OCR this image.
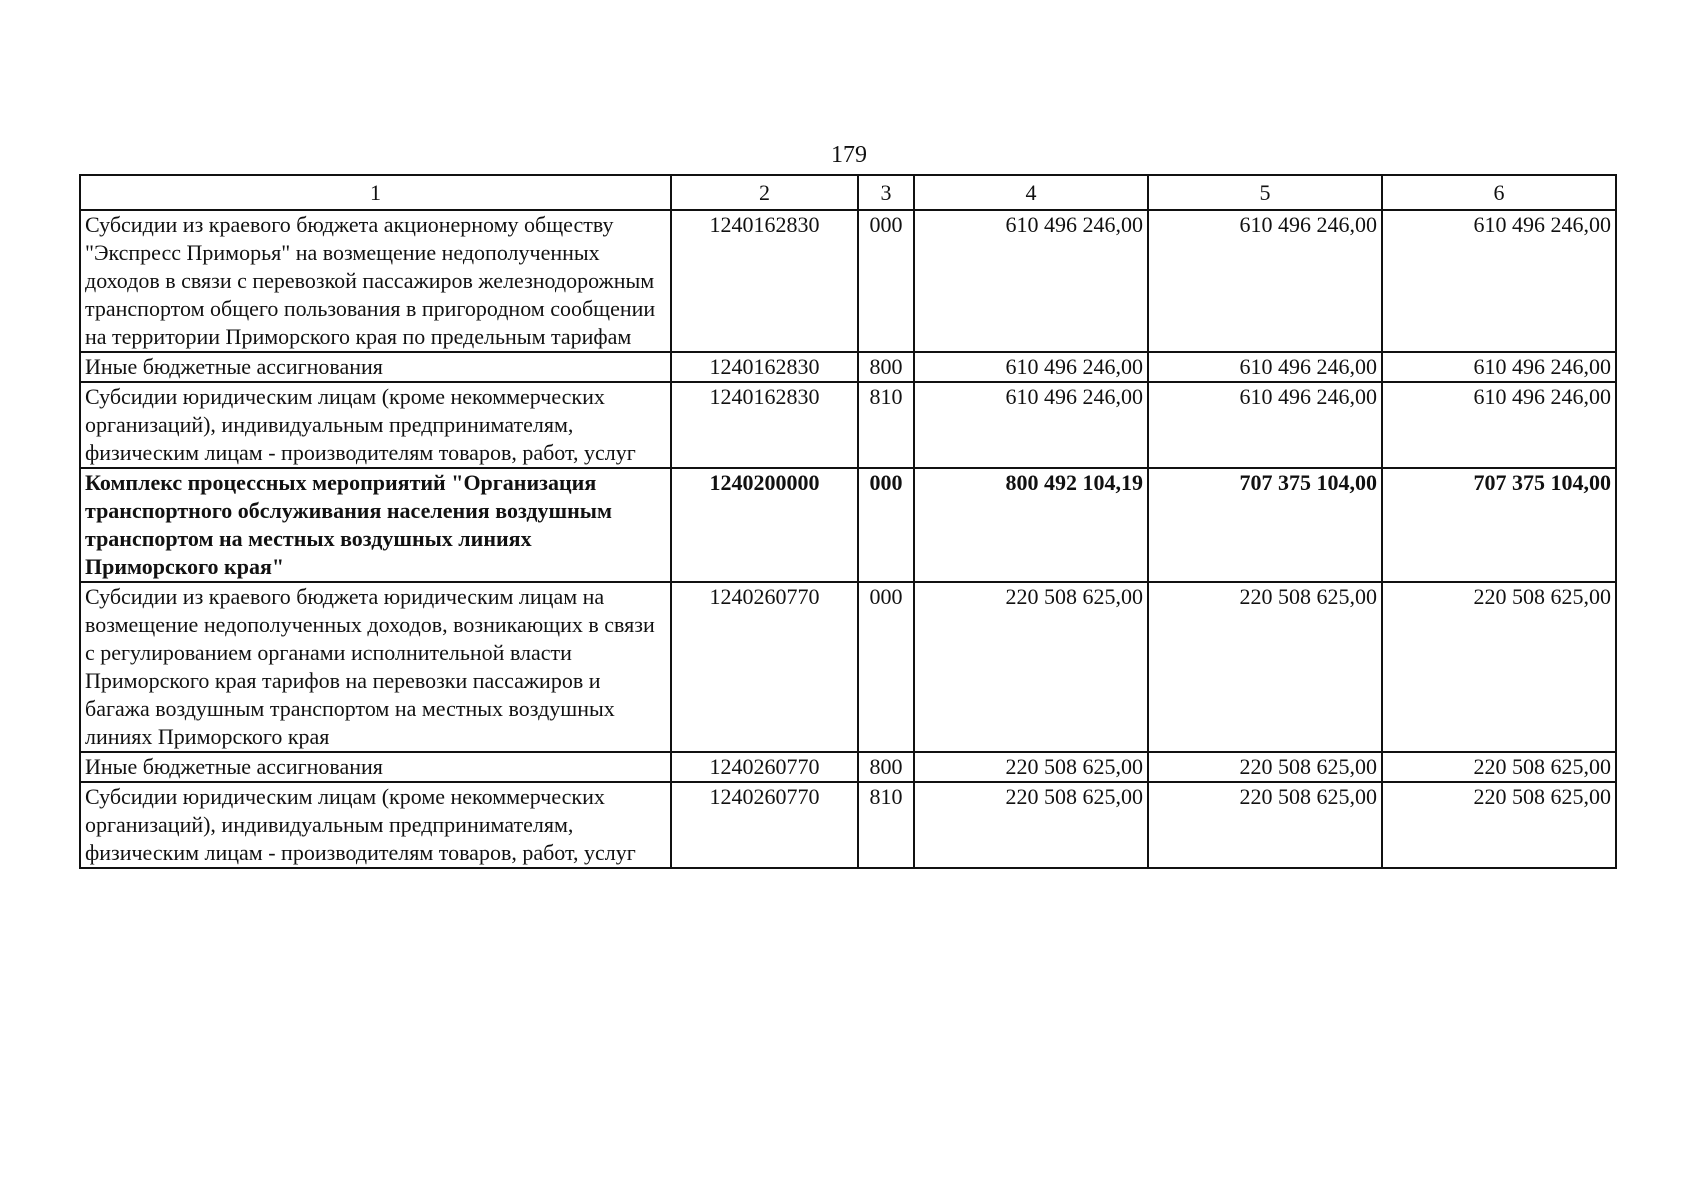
179
1	2	3	4	5	6
Субсидии из краевого бюджета акционерному обществу "Экспресс Приморья" на возмещение недополученных доходов в связи с перевозкой пассажиров железнодорожным транспортом общего пользования в пригородном сообщении на территории Приморского края по предельным тарифам	1240162830	000	610 496 246,00	610 496 246,00	610 496 246,00
Иные бюджетные ассигнования	1240162830	800	610 496 246,00	610 496 246,00	610 496 246,00
Субсидии юридическим лицам (кроме некоммерческих организаций), индивидуальным предпринимателям, физическим лицам - производителям товаров, работ, услуг	1240162830	810	610 496 246,00	610 496 246,00	610 496 246,00
Комплекс процессных мероприятий "Организация транспортного обслуживания населения воздушным транспортом на местных воздушных линиях Приморского края"	1240200000	000	800 492 104,19	707 375 104,00	707 375 104,00
Субсидии из краевого бюджета юридическим лицам на возмещение недополученных доходов, возникающих в связи с регулированием органами исполнительной власти Приморского края тарифов на перевозки пассажиров и багажа воздушным транспортом на местных воздушных линиях Приморского края	1240260770	000	220 508 625,00	220 508 625,00	220 508 625,00
Иные бюджетные ассигнования	1240260770	800	220 508 625,00	220 508 625,00	220 508 625,00
Субсидии юридическим лицам (кроме некоммерческих организаций), индивидуальным предпринимателям, физическим лицам - производителям товаров, работ, услуг	1240260770	810	220 508 625,00	220 508 625,00	220 508 625,00
